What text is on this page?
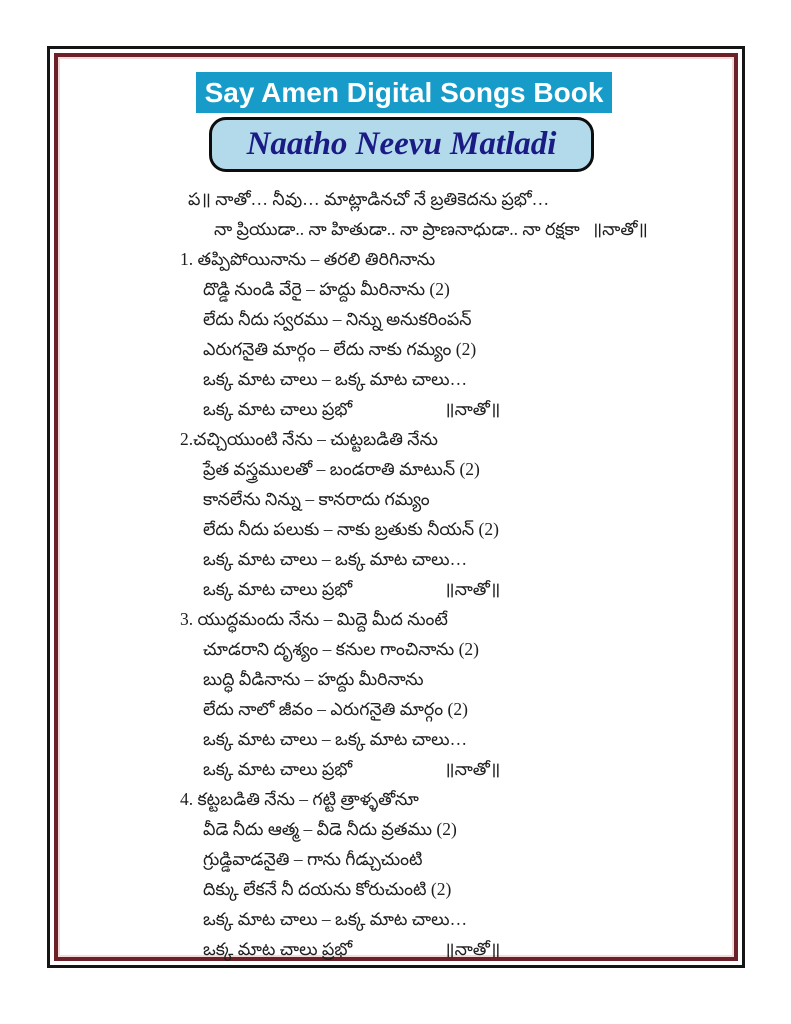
Say Amen Digital Songs Book
Naatho Neevu Matladi
ప॥ నాతో… నీవు… మాట్లాడినచో నే బ్రతికెదను ప్రభో…
నా ప్రియుడా.. నా హితుడా.. నా ప్రాణనాధుడా.. నా రక్షకా ॥నాతో॥
1. తప్పిపోయినాను – తరలి తిరిగినాను
దొడ్డి నుండి వేరై – హద్దు మీరినాను (2)
లేదు నీదు స్వరము – నిన్ను అనుకరింపన్
ఎరుగనైతి మార్గం – లేదు నాకు గమ్యం (2)
ఒక్క మాట చాలు – ఒక్క మాట చాలు…
ఒక్క మాట చాలు ప్రభో	॥నాతో॥
2.చచ్చియుంటి నేను – చుట్టబడితి నేను
ప్రేత వస్త్రములతో – బండరాతి మాటున్ (2)
కానలేను నిన్ను – కానరాదు గమ్యం
లేదు నీదు పలుకు – నాకు బ్రతుకు నీయన్ (2)
ఒక్క మాట చాలు – ఒక్క మాట చాలు…
ఒక్క మాట చాలు ప్రభో	॥నాతో॥
3. యుద్ధమందు నేను – మిద్దె మీద నుంటే
చూడరాని దృశ్యం – కనుల గాంచినాను (2)
బుద్ధి వీడినాను – హద్దు మీరినాను
లేదు నాలో జీవం – ఎరుగనైతి మార్గం (2)
ఒక్క మాట చాలు – ఒక్క మాట చాలు…
ఒక్క మాట చాలు ప్రభో	॥నాతో॥
4. కట్టబడితి నేను – గట్టి త్రాళ్ళతోనూ
వీడె నీదు ఆత్మ – వీడె నీదు వ్రతము (2)
గ్రుడ్డివాడనైతి – గాను గీడ్చుచుంటి
దిక్కు లేకనే నీ దయను కోరుచుంటి (2)
ఒక్క మాట చాలు – ఒక్క మాట చాలు…
ఒక్క మాట చాలు ప్రభో	॥నాతో॥
